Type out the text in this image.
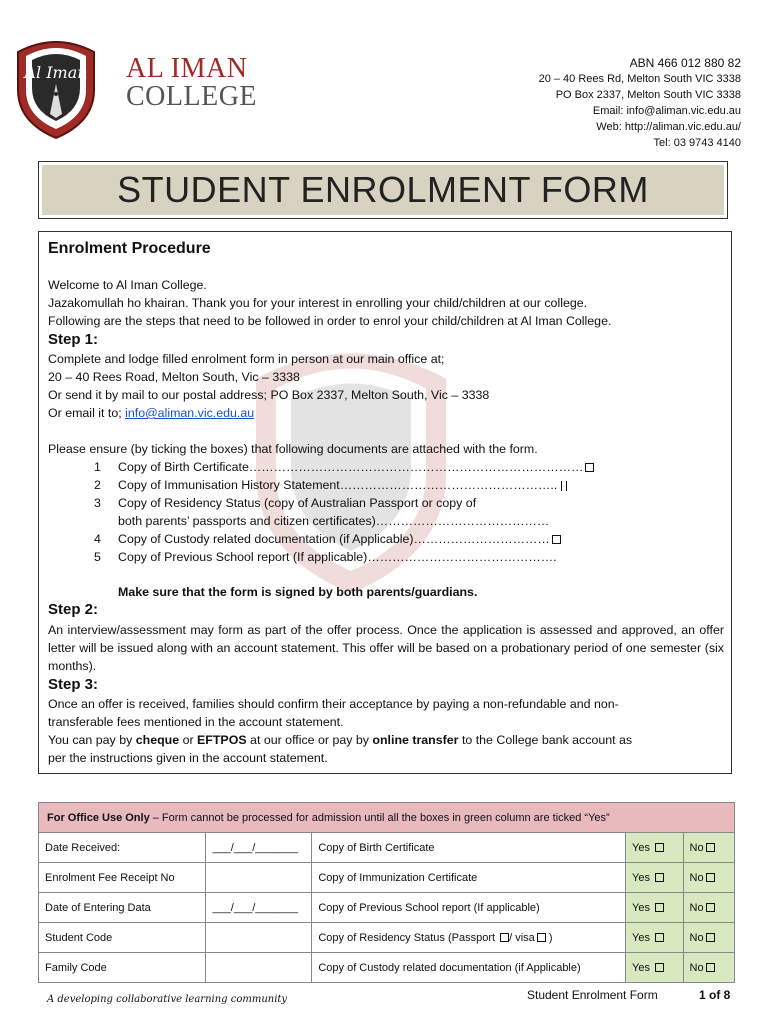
Al Iman AL IMAN
COLLEGE
ABN 466 012 880 82
20 – 40 Rees Rd, Melton South VIC 3338
PO Box 2337, Melton South VIC 3338
Email: info@aliman.vic.edu.au
Web: http://aliman.vic.edu.au/
Tel: 03 9743 4140
STUDENT ENROLMENT FORM
Enrolment Procedure
Welcome to Al Iman College.
Jazakomullah ho khairan. Thank you for your interest in enrolling your child/children at our college.
Following are the steps that need to be followed in order to enrol your child/children at Al Iman College.
Step 1:
Complete and lodge filled enrolment form in person at our main office at;
20 – 40 Rees Road, Melton South, Vic – 3338
Or send it by mail to our postal address; PO Box 2337, Melton South, Vic – 3338
Or email it to; info@aliman.vic.edu.au
Please ensure (by ticking the boxes) that following documents are attached with the form.
1 Copy of Birth Certificate………………………………………………………………………
2 Copy of Immunisation History Statement……………………………………………..
3 Copy of Residency Status (copy of Australian Passport or copy of
both parents’ passports and citizen certificates)……………………………………
4 Copy of Custody related documentation (if Applicable)……………………………
5 Copy of Previous School report (If applicable)……………………………………….
Make sure that the form is signed by both parents/guardians.
Step 2:
An interview/assessment may form as part of the offer process. Once the application is assessed and approved, an offer letter will be issued along with an account statement. This offer will be based on a probationary period of one semester (six months).
Step 3:
Once an offer is received, families should confirm their acceptance by paying a non-refundable and non-
transferable fees mentioned in the account statement.
You can pay by cheque or EFTPOS at our office or pay by online transfer to the College bank account as
per the instructions given in the account statement.
For Office Use Only – Form cannot be processed for admission until all the boxes in green column are ticked “Yes”				
Date Received:	___/___/_______	Copy of Birth Certificate	Yes	No
Enrolment Fee Receipt No		Copy of Immunization Certificate	Yes	No
Date of Entering Data	___/___/_______	Copy of Previous School report (If applicable)	Yes	No
Student Code		Copy of Residency Status (Passport / visa )	Yes	No
Family Code		Copy of Custody related documentation (if Applicable)	Yes	No
A developing collaborative learning community	Student Enrolment Form	1 of 8
